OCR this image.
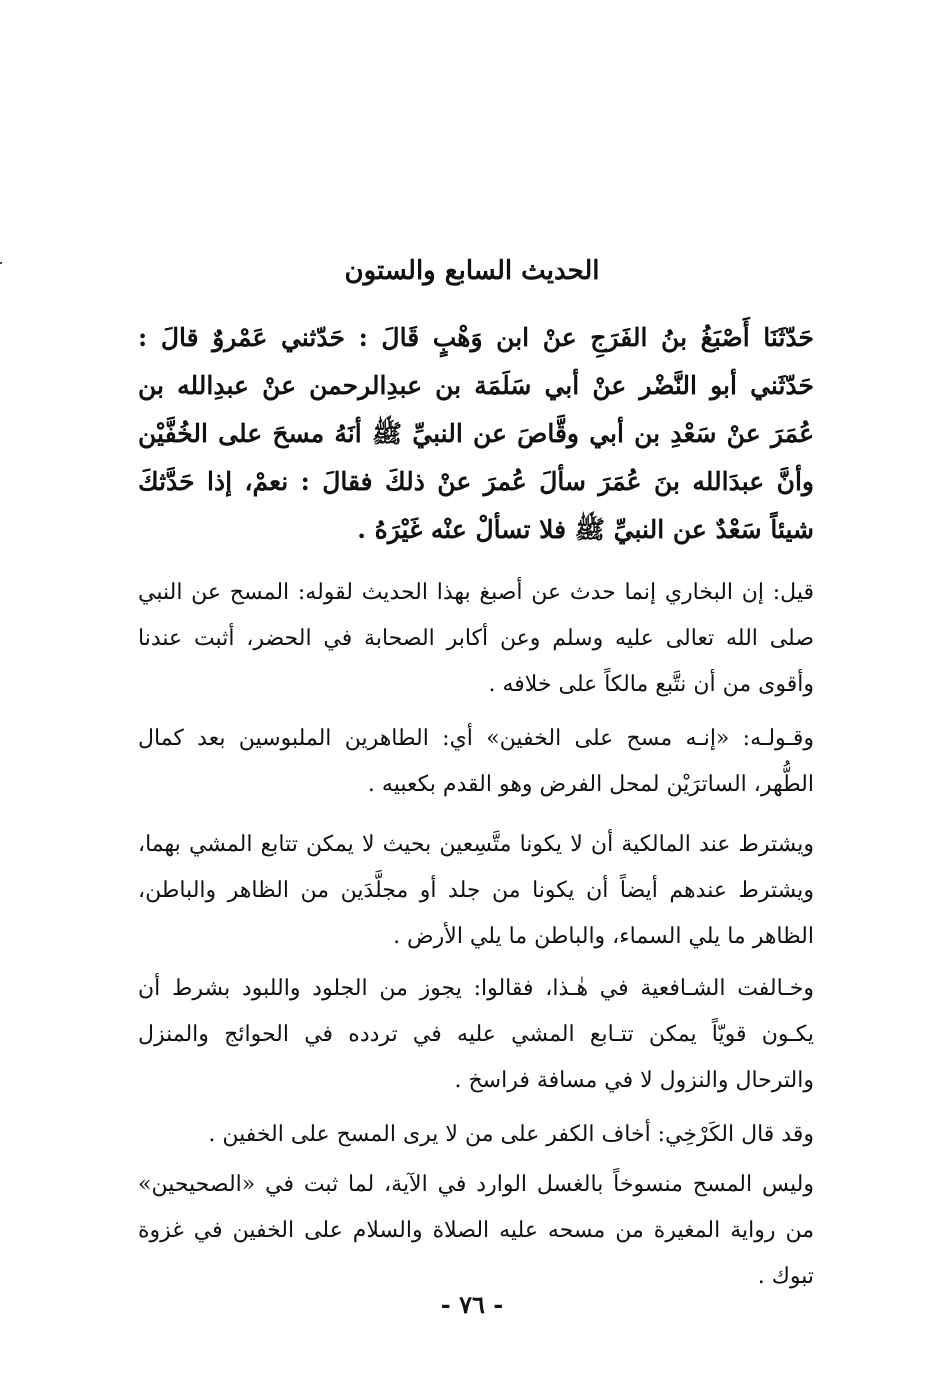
الحديث السابع والستون
حَدّثَنَا أَصْبَغُ بنُ الفَرَجِ عنْ ابن وَهْبٍ قَالَ : حَدّثني عَمْروٌ قالَ : حَدّثَني أبو النَّضْر عنْ أبي سَلَمَة بن عبدِالرحمن عنْ عبدِالله بن عُمَرَ عنْ سَعْدِ بن أبي وقَّاصَ عن النبيِّ ﷺ أنَهُ مسحَ على الخُفَّيْن وأنَّ عبدَالله بنَ عُمَرَ سألَ عُمرَ عنْ ذلكَ فقالَ : نعمْ، إذا حَدَّثكَ شيئاً سَعْدٌ عن النبيِّ ﷺ فلا تسألْ عنْه غَيْرَهُ .
قيل: إن البخاري إنما حدث عن أصبغ بهذا الحديث لقوله: المسح عن النبي صلى الله تعالى عليه وسلم وعن أكابر الصحابة في الحضر، أثبت عندنا وأقوى من أن نتَّبع مالكاً على خلافه .
وقـولـه: «إنـه مسح على الخفين» أي: الطاهرين الملبوسين بعد كمال الطُّهر، الساترَيْن لمحل الفرض وهو القدم بكعبيه .
ويشترط عند المالكية أن لا يكونا متَّسِعين بحيث لا يمكن تتابع المشي بهما، ويشترط عندهم أيضاً أن يكونا من جلد أو مجلَّدَين من الظاهر والباطن، الظاهر ما يلي السماء، والباطن ما يلي الأرض .
وخـالفت الشـافعية في هٰـذا، فقالوا: يجوز من الجلود واللبود بشرط أن يكـون قويّاً يمكن تتـابع المشي عليه في تردده في الحوائج والمنزل والترحال والنزول لا في مسافة فراسخ .
وقد قال الكَرْخِي: أخاف الكفر على من لا يرى المسح على الخفين .
وليس المسح منسوخاً بالغسل الوارد في الآية، لما ثبت في «الصحيحين» من رواية المغيرة من مسحه عليه الصلاة والسلام على الخفين في غزوة تبوك .
- ٧٦ -
